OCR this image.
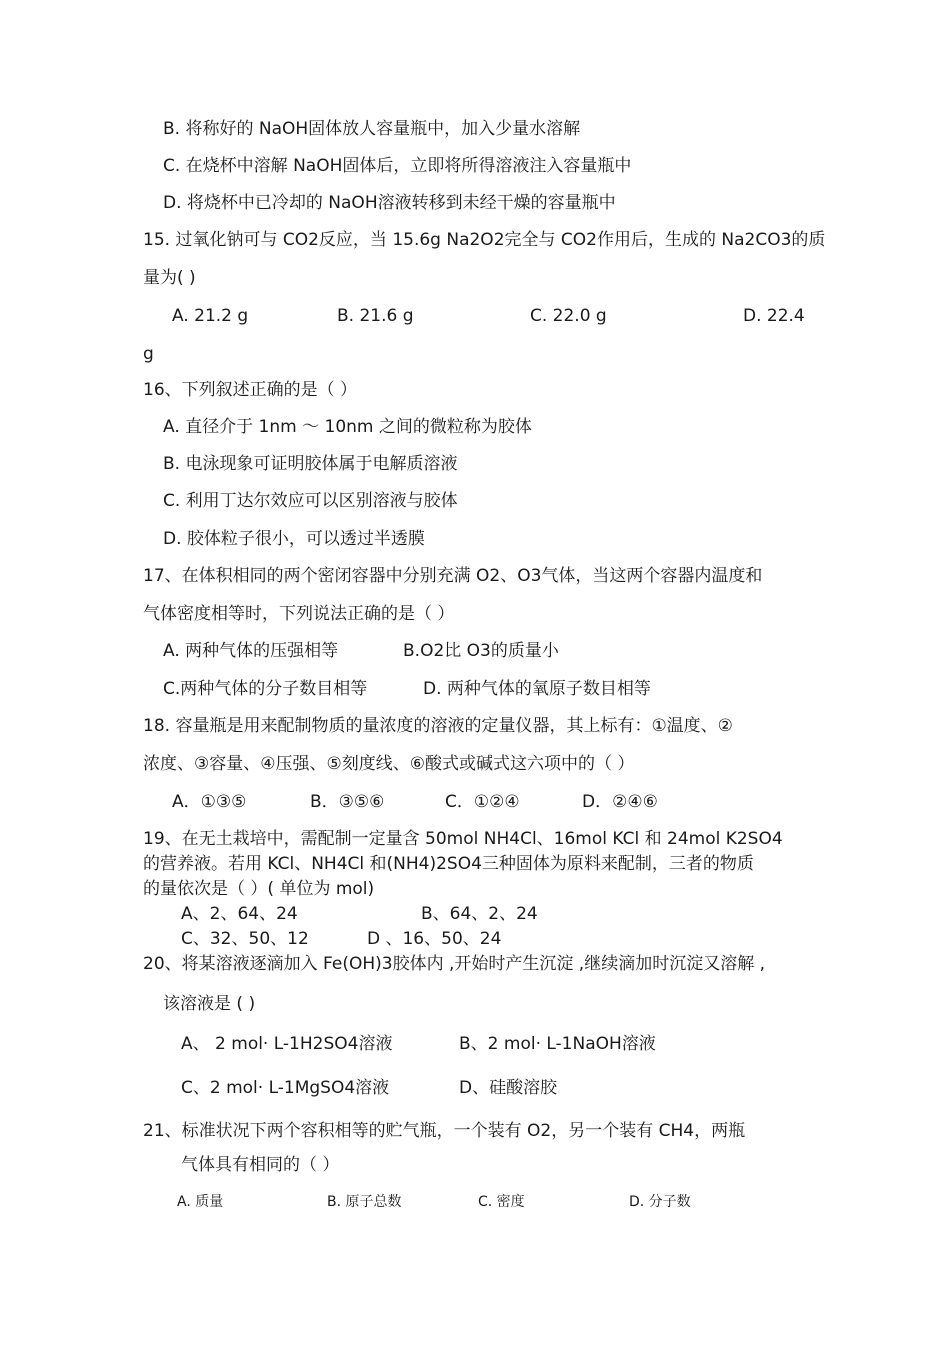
B. 将称好的 NaOH固体放人容量瓶中，加入少量水溶解
C. 在烧杯中溶解 NaOH固体后，立即将所得溶液注入容量瓶中
D. 将烧杯中已冷却的 NaOH溶液转移到未经干燥的容量瓶中
15. 过氧化钠可与 CO2反应，当 15.6g Na2O2完全与 CO2作用后，生成的 Na2CO3的质
量为( )
A. 21.2 g	B. 21.6 g	C. 22.0 g	D. 22.4
g
16、下列叙述正确的是（ ）
A. 直径介于 1nm ～ 10nm 之间的微粒称为胶体
B. 电泳现象可证明胶体属于电解质溶液
C. 利用丁达尔效应可以区别溶液与胶体
D. 胶体粒子很小，可以透过半透膜
17、在体积相同的两个密闭容器中分别充满 O2、O3气体，当这两个容器内温度和
气体密度相等时，下列说法正确的是（ ）
A. 两种气体的压强相等	B.O2比 O3的质量小
C.两种气体的分子数目相等	D. 两种气体的氧原子数目相等
18. 容量瓶是用来配制物质的量浓度的溶液的定量仪器，其上标有：①温度、②
浓度、③容量、④压强、⑤刻度线、⑥酸式或碱式这六项中的（ ）
A．①③⑤	B．③⑤⑥	C．①②④	D．②④⑥
19、在无土栽培中，需配制一定量含 50mol NH4Cl、16mol KCl 和 24mol K2SO4
的营养液。若用 KCl、NH4Cl 和(NH4)2SO4三种固体为原料来配制，三者的物质
的量依次是（ ）( 单位为 mol)
A、2、64、24	B、64、2、24
C、32、50、12	D 、16、50、24
20、将某溶液逐滴加入 Fe(OH)3胶体内 ,开始时产生沉淀 ,继续滴加时沉淀又溶解 ,
该溶液是 ( )
A、 2 mol· L-1H2SO4溶液	B、2 mol· L-1NaOH溶液
C、2 mol· L-1MgSO4溶液	D、硅酸溶胶
21、标准状况下两个容积相等的贮气瓶，一个装有 O2，另一个装有 CH4，两瓶
气体具有相同的（ ）
A. 质量	B. 原子总数	C. 密度	D. 分子数
